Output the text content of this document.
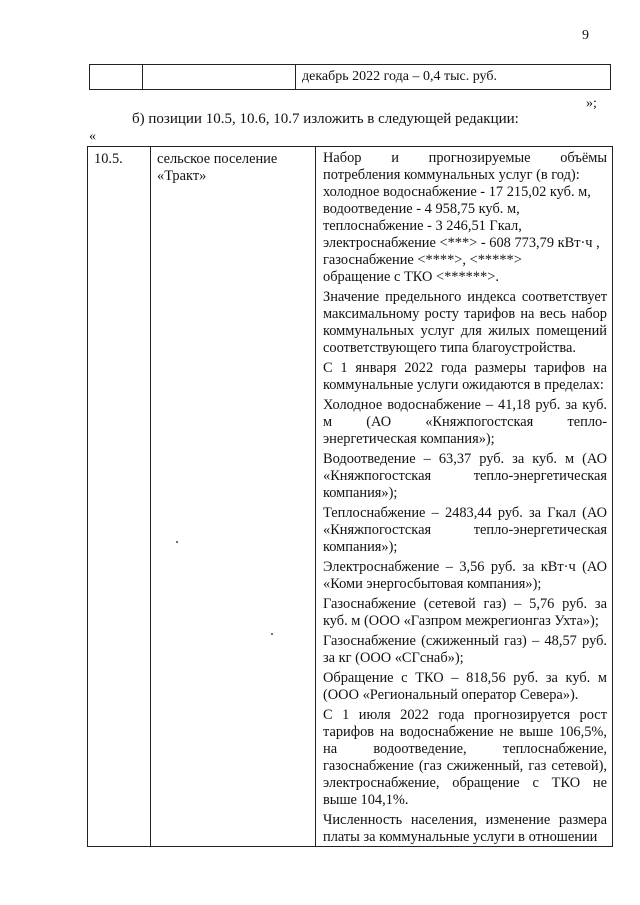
9
		декабрь 2022 года – 0,4 тыс. руб.
»;
б) позиции 10.5, 10.6, 10.7 изложить в следующей редакции:
«
10.5.	сельское поселение «Тракт»	

Набор и прогнозируемые объёмы потребления коммунальных услуг (в год):

холодное водоснабжение - 17 215,02 куб. м,

водоотведение - 4 958,75 куб. м,

теплоснабжение - 3 246,51 Гкал,

электроснабжение <***> - 608 773,79 кВт·ч ,

газоснабжение <****>, <*****>

обращение с ТКО <******>.

Значение предельного индекса соответствует максимальному росту тарифов на весь набор коммунальных услуг для жилых помещений соответствующего типа благоустройства.

С 1 января 2022 года размеры тарифов на коммунальные услуги ожидаются в пределах:

Холодное водоснабжение – 41,18 руб. за куб. м (АО «Княжпогостская тепло-энергетическая компания»);

Водоотведение – 63,37 руб. за куб. м (АО «Княжпогостская тепло-энергетическая компания»);

Теплоснабжение – 2483,44 руб. за Гкал (АО «Княжпогостская тепло-энергетическая компания»);

Электроснабжение – 3,56 руб. за кВт·ч (АО «Коми энергосбытовая компания»);

Газоснабжение (сетевой газ) – 5,76 руб. за куб. м (ООО «Газпром межрегионгаз Ухта»);

Газоснабжение (сжиженный газ) – 48,57 руб. за кг (ООО «СГснаб»);

Обращение с ТКО – 818,56 руб. за куб. м (ООО «Региональный оператор Севера»).

С 1 июля 2022 года прогнозируется рост тарифов на водоснабжение не выше 106,5%, на водоотведение, теплоснабжение, газоснабжение (газ сжиженный, газ сетевой), электроснабжение, обращение с ТКО не выше 104,1%.

Численность населения, изменение размера платы за коммунальные услуги в отношении
